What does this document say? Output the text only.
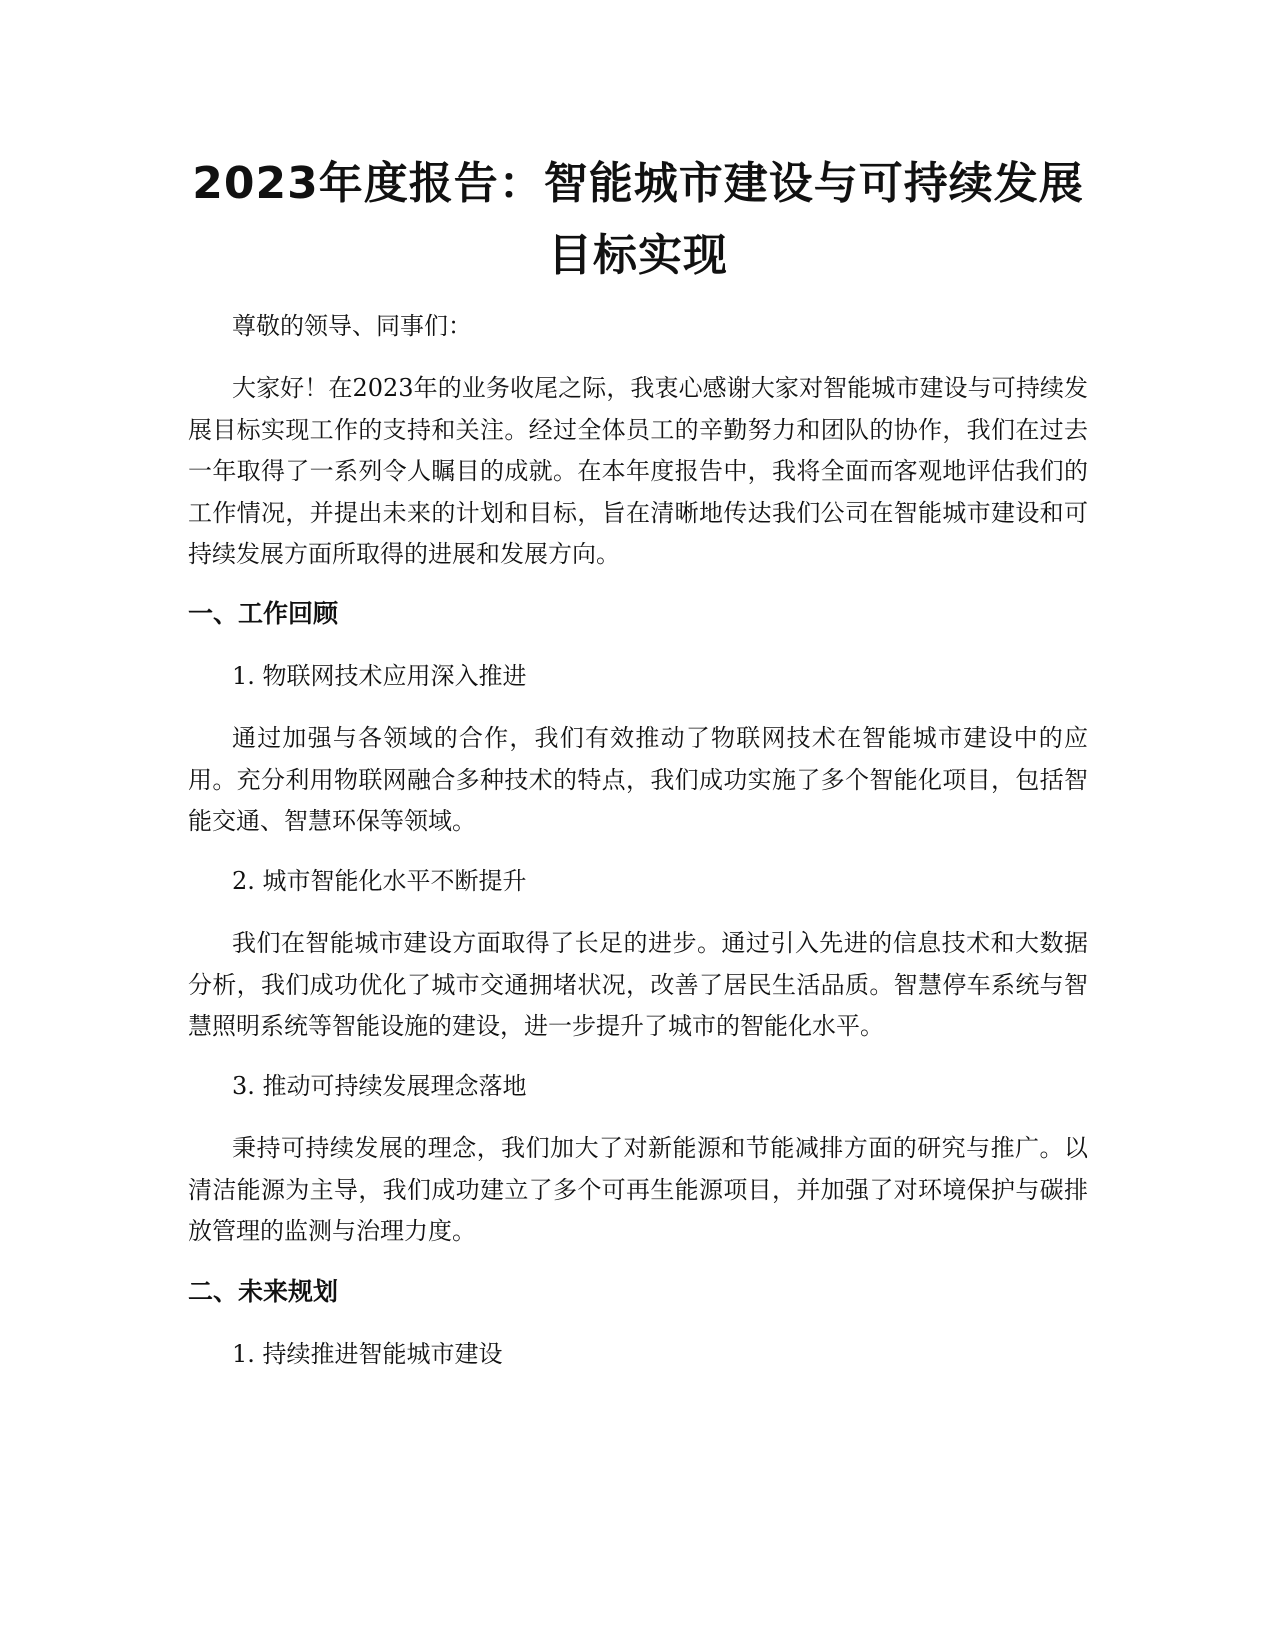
2023年度报告：智能城市建设与可持续发展
目标实现

尊敬的领导、同事们：

大家好！在2023年的业务收尾之际，我衷心感谢大家对智能城市建设与可持续发展目标实现工作的支持和关注。经过全体员工的辛勤努力和团队的协作，我们在过去一年取得了一系列令人瞩目的成就。在本年度报告中，我将全面而客观地评估我们的工作情况，并提出未来的计划和目标，旨在清晰地传达我们公司在智能城市建设和可持续发展方面所取得的进展和发展方向。

一、工作回顾

1. 物联网技术应用深入推进

通过加强与各领域的合作，我们有效推动了物联网技术在智能城市建设中的应用。充分利用物联网融合多种技术的特点，我们成功实施了多个智能化项目，包括智能交通、智慧环保等领域。

2. 城市智能化水平不断提升

我们在智能城市建设方面取得了长足的进步。通过引入先进的信息技术和大数据分析，我们成功优化了城市交通拥堵状况，改善了居民生活品质。智慧停车系统与智慧照明系统等智能设施的建设，进一步提升了城市的智能化水平。

3. 推动可持续发展理念落地

秉持可持续发展的理念，我们加大了对新能源和节能减排方面的研究与推广。以清洁能源为主导，我们成功建立了多个可再生能源项目，并加强了对环境保护与碳排放管理的监测与治理力度。

二、未来规划

1. 持续推进智能城市建设
